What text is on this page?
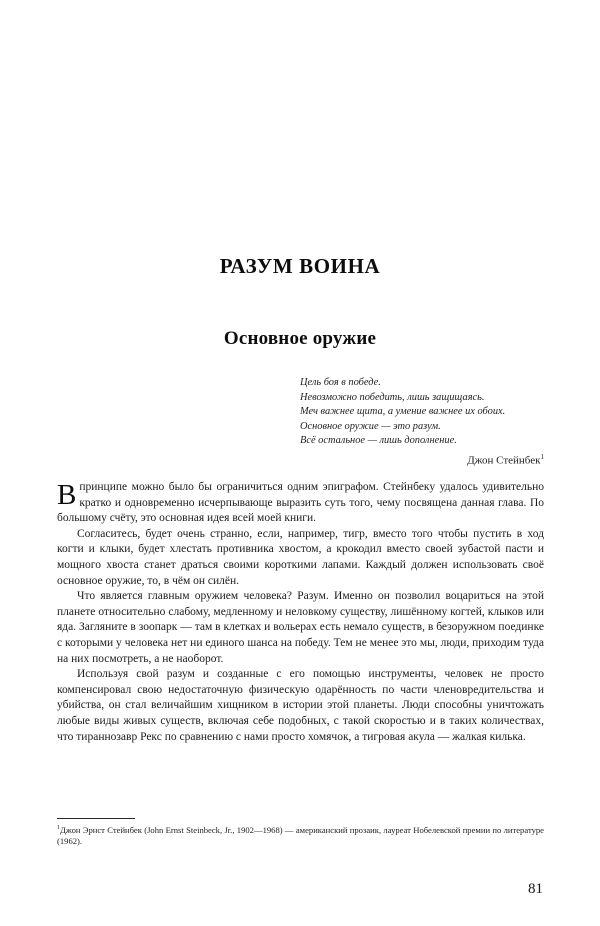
РАЗУМ ВОИНА
Основное оружие
Цель боя в победе.
Невозможно победить, лишь защищаясь.
Меч важнее щита, а умение важнее их обоих.
Основное оружие — это разум.
Всё остальное — лишь дополнение.
Джон Стейнбек$^1$

Впринципе можно было бы ограничиться одним эпиграфом. Стейнбеку удалось удивительно кратко и одновременно исчерпывающе выразить суть того, чему посвящена данная глава. По большому счёту, это основная идея всей моей книги.

Согласитесь, будет очень странно, если, например, тигр, вместо того чтобы пустить в ход когти и клыки, будет хлестать противника хвостом, а крокодил вместо своей зубастой пасти и мощного хвоста станет драться своими короткими лапами. Каждый должен использовать своё основное оружие, то, в чём он силён.

Что является главным оружием человека? Разум. Именно он позволил воцариться на этой планете относительно слабому, медленному и неловкому существу, лишённому когтей, клыков или яда. Загляните в зоопарк — там в клетках и вольерах есть немало существ, в безоружном поединке с которыми у человека нет ни единого шанса на победу. Тем не менее это мы, люди, приходим туда на них посмотреть, а не наоборот.

Используя свой разум и созданные с его помощью инструменты, человек не просто компенсировал свою недостаточную физическую одарённость по части членовредительства и убийства, он стал величайшим хищником в истории этой планеты. Люди способны уничтожать любые виды живых существ, включая себе подобных, с такой скоростью и в таких количествах, что тираннозавр Рекс по сравнению с нами просто хомячок, а тигровая акула — жалкая килька.

$^1$Джон Эрнст Стейнбек (John Ernst Steinbeck, Jr., 1902—1968) — американский прозаик, лауреат Нобелевской премии по литературе (1962).

81
